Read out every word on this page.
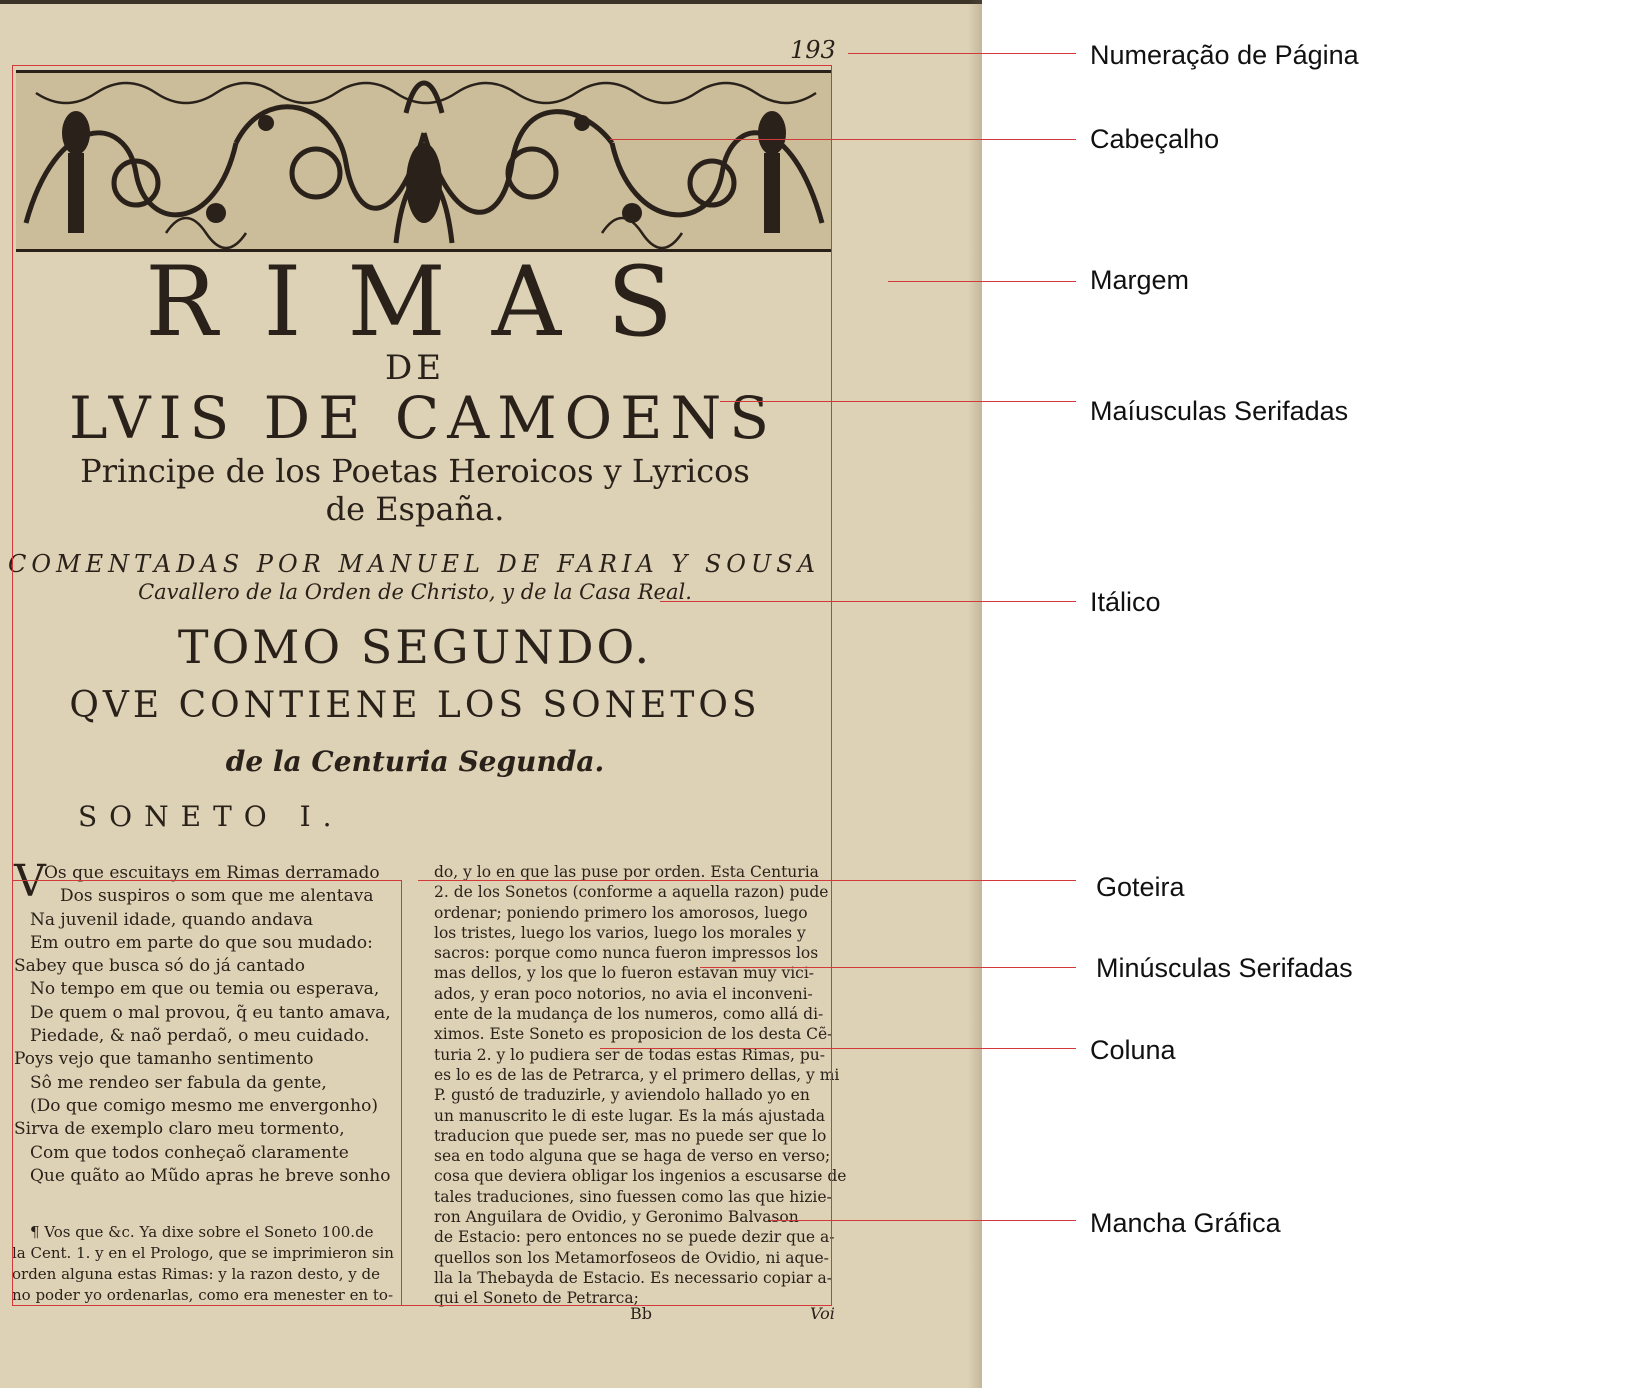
193
RIMAS
DE
LVIS DE CAMOENS
Principe de los Poetas Heroicos y Lyricos
de España.
COMENTADAS POR MANUEL DE FARIA Y SOUSA
Cavallero de la Orden de Christo, y de la Casa Real.
TOMO SEGUNDO.
QVE CONTIENE LOS SONETOS
de la Centuria Segunda.
SONETO I.
V
Os que escuitays em Rimas derramado
Dos suspiros o som que me alentava
Na juvenil idade, quando andava
Em outro em parte do que sou mudado:
Sabey que busca só do já cantado
No tempo em que ou temia ou esperava,
De quem o mal provou, q̃ eu tanto amava,
Piedade, & naõ perdaõ, o meu cuidado.
Poys vejo que tamanho sentimento
Sô me rendeo ser fabula da gente,
(Do que comigo mesmo me envergonho)
Sirva de exemplo claro meu tormento,
Com que todos conheçaõ claramente
Que quãto ao Mũdo apras he breve sonho
¶ Vos que &c. Ya dixe sobre el Soneto 100.de
la Cent. 1. y en el Prologo, que se imprimieron sin
orden alguna estas Rimas: y la razon desto, y de
no poder yo ordenarlas, como era menester en to-
do, y lo en que las puse por orden. Esta Centuria
2. de los Sonetos (conforme a aquella razon) pude
ordenar; poniendo primero los amorosos, luego
los tristes, luego los varios, luego los morales y
sacros: porque como nunca fueron impressos los
mas dellos, y los que lo fueron estavan muy vici-
ados, y eran poco notorios, no avia el inconveni-
ente de la mudança de los numeros, como allá di-
ximos. Este Soneto es proposicion de los desta Cẽ-
turia 2. y lo pudiera ser de todas estas Rimas, pu-
es lo es de las de Petrarca, y el primero dellas, y mi
P. gustó de traduzirle, y aviendolo hallado yo en
un manuscrito le di este lugar. Es la más ajustada
traducion que puede ser, mas no puede ser que lo
sea en todo alguna que se haga de verso en verso;
cosa que deviera obligar los ingenios a escusarse de
tales traduciones, sino fuessen como las que hizie-
ron Anguilara de Ovidio, y Geronimo Balvason
de Estacio: pero entonces no se puede dezir que a-
quellos son los Metamorfoseos de Ovidio, ni aque-
lla la Thebayda de Estacio. Es necessario copiar a-
qui el Soneto de Petrarca;
Bb	Voi
Numeração de Página
Cabeçalho
Margem
Maíusculas Serifadas
Itálico
Goteira
Minúsculas Serifadas
Coluna
Mancha Gráfica
